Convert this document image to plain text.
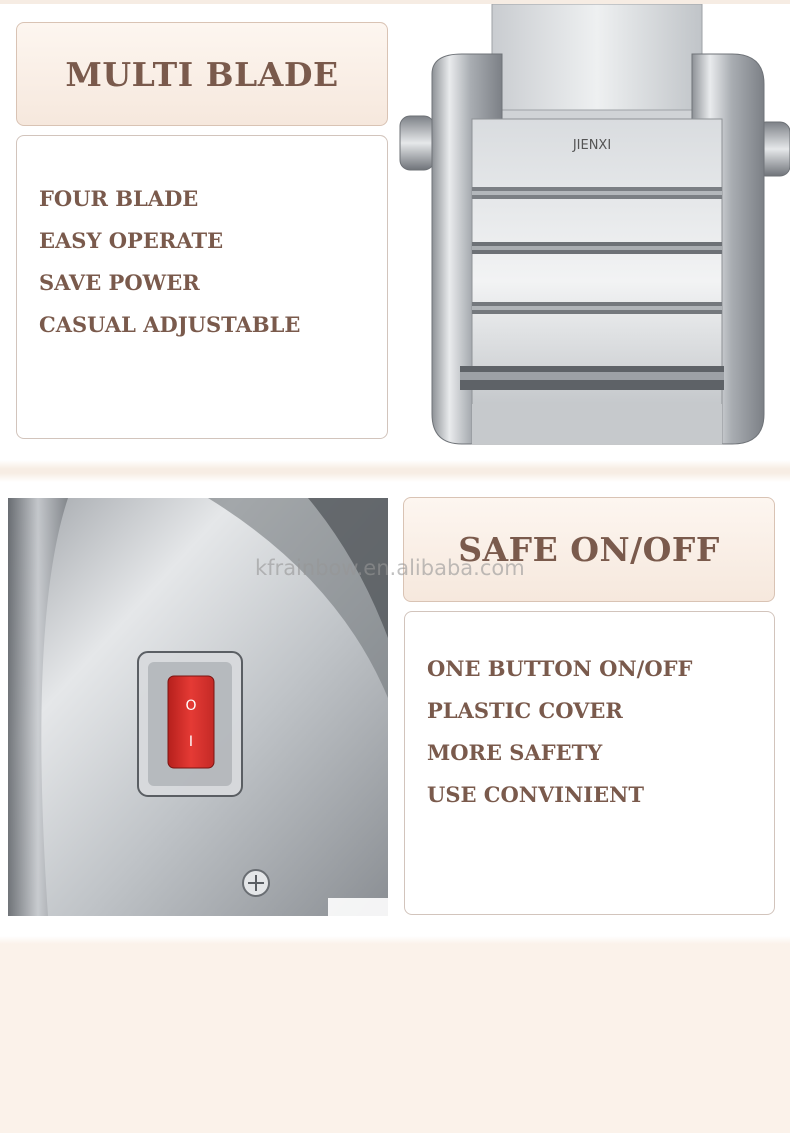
MULTI BLADE
FOUR BLADE
EASY OPERATE
SAVE POWER
CASUAL ADJUSTABLE
JIENXI
O
I
SAFE ON/OFF
ONE BUTTON ON/OFF
PLASTIC COVER
MORE SAFETY
USE CONVINIENT
kfrainbow.en.alibaba.com
